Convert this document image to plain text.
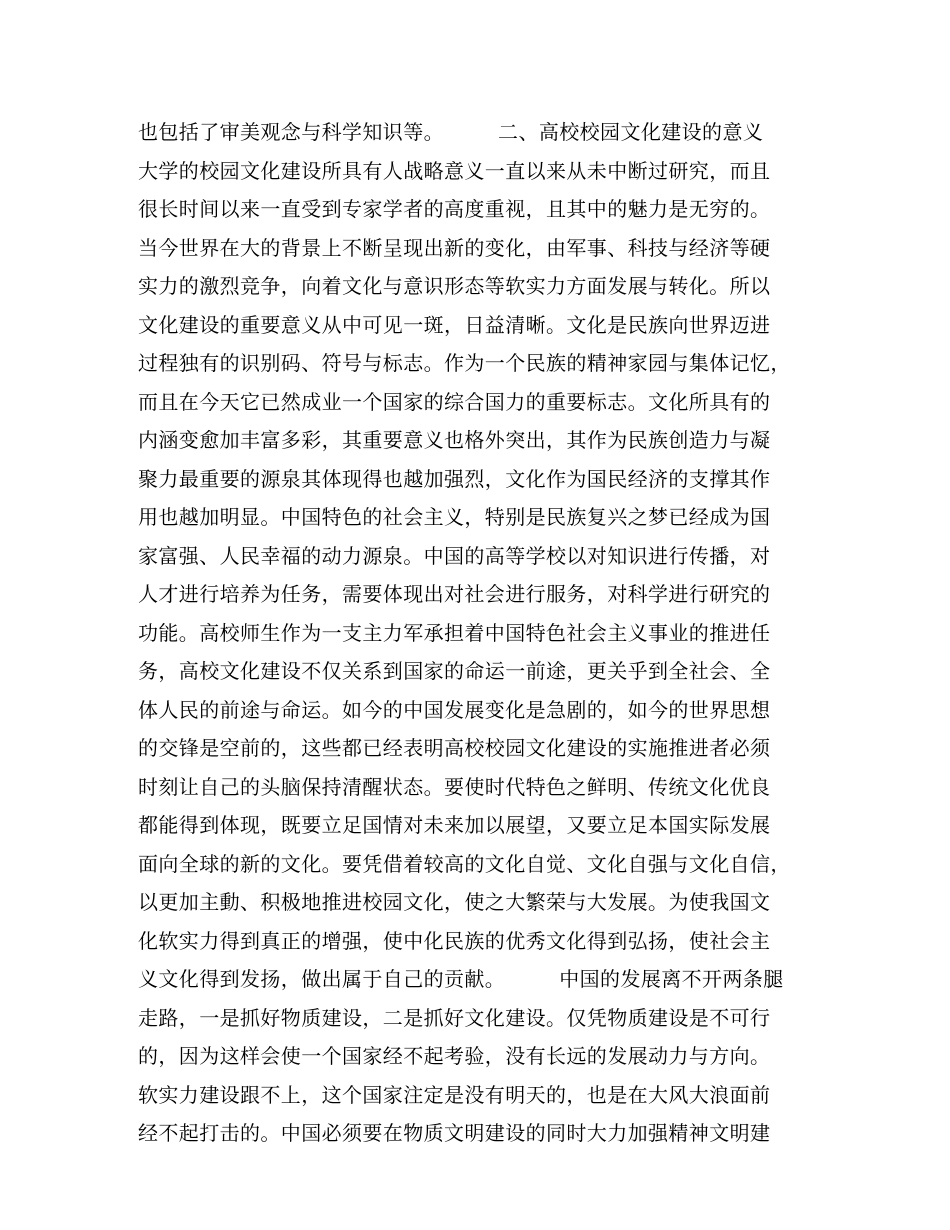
也包括了审美观念与科学知识等。        二、高校校园文化建设的意义
大学的校园文化建设所具有人战略意义一直以来从未中断过研究，而且
很长时间以来一直受到专家学者的高度重视，且其中的魅力是无穷的。
当今世界在大的背景上不断呈现出新的变化，由军事、科技与经济等硬
实力的激烈竞争，向着文化与意识形态等软实力方面发展与转化。所以
文化建设的重要意义从中可见一斑，日益清晰。文化是民族向世界迈进
过程独有的识别码、符号与标志。作为一个民族的精神家园与集体记忆，
而且在今天它已然成业一个国家的综合国力的重要标志。文化所具有的
内涵变愈加丰富多彩，其重要意义也格外突出，其作为民族创造力与凝
聚力最重要的源泉其体现得也越加强烈，文化作为国民经济的支撑其作
用也越加明显。中国特色的社会主义，特别是民族复兴之梦已经成为国
家富强、人民幸福的动力源泉。中国的高等学校以对知识进行传播，对
人才进行培养为任务，需要体现出对社会进行服务，对科学进行研究的
功能。高校师生作为一支主力军承担着中国特色社会主义事业的推进任
务，高校文化建设不仅关系到国家的命运一前途，更关乎到全社会、全
体人民的前途与命运。如今的中国发展变化是急剧的，如今的世界思想
的交锋是空前的，这些都已经表明高校校园文化建设的实施推进者必须
时刻让自己的头脑保持清醒状态。要使时代特色之鲜明、传统文化优良
都能得到体现，既要立足国情对未来加以展望，又要立足本国实际发展
面向全球的新的文化。要凭借着较高的文化自觉、文化自强与文化自信，
以更加主動、积极地推进校园文化，使之大繁荣与大发展。为使我国文
化软实力得到真正的增强，使中化民族的优秀文化得到弘扬，使社会主
义文化得到发扬，做出属于自己的贡献。        中国的发展离不开两条腿
走路，一是抓好物质建设，二是抓好文化建设。仅凭物质建设是不可行
的，因为这样会使一个国家经不起考验，没有长远的发展动力与方向。
软实力建设跟不上，这个国家注定是没有明天的，也是在大风大浪面前
经不起打击的。中国必须要在物质文明建设的同时大力加强精神文明建
